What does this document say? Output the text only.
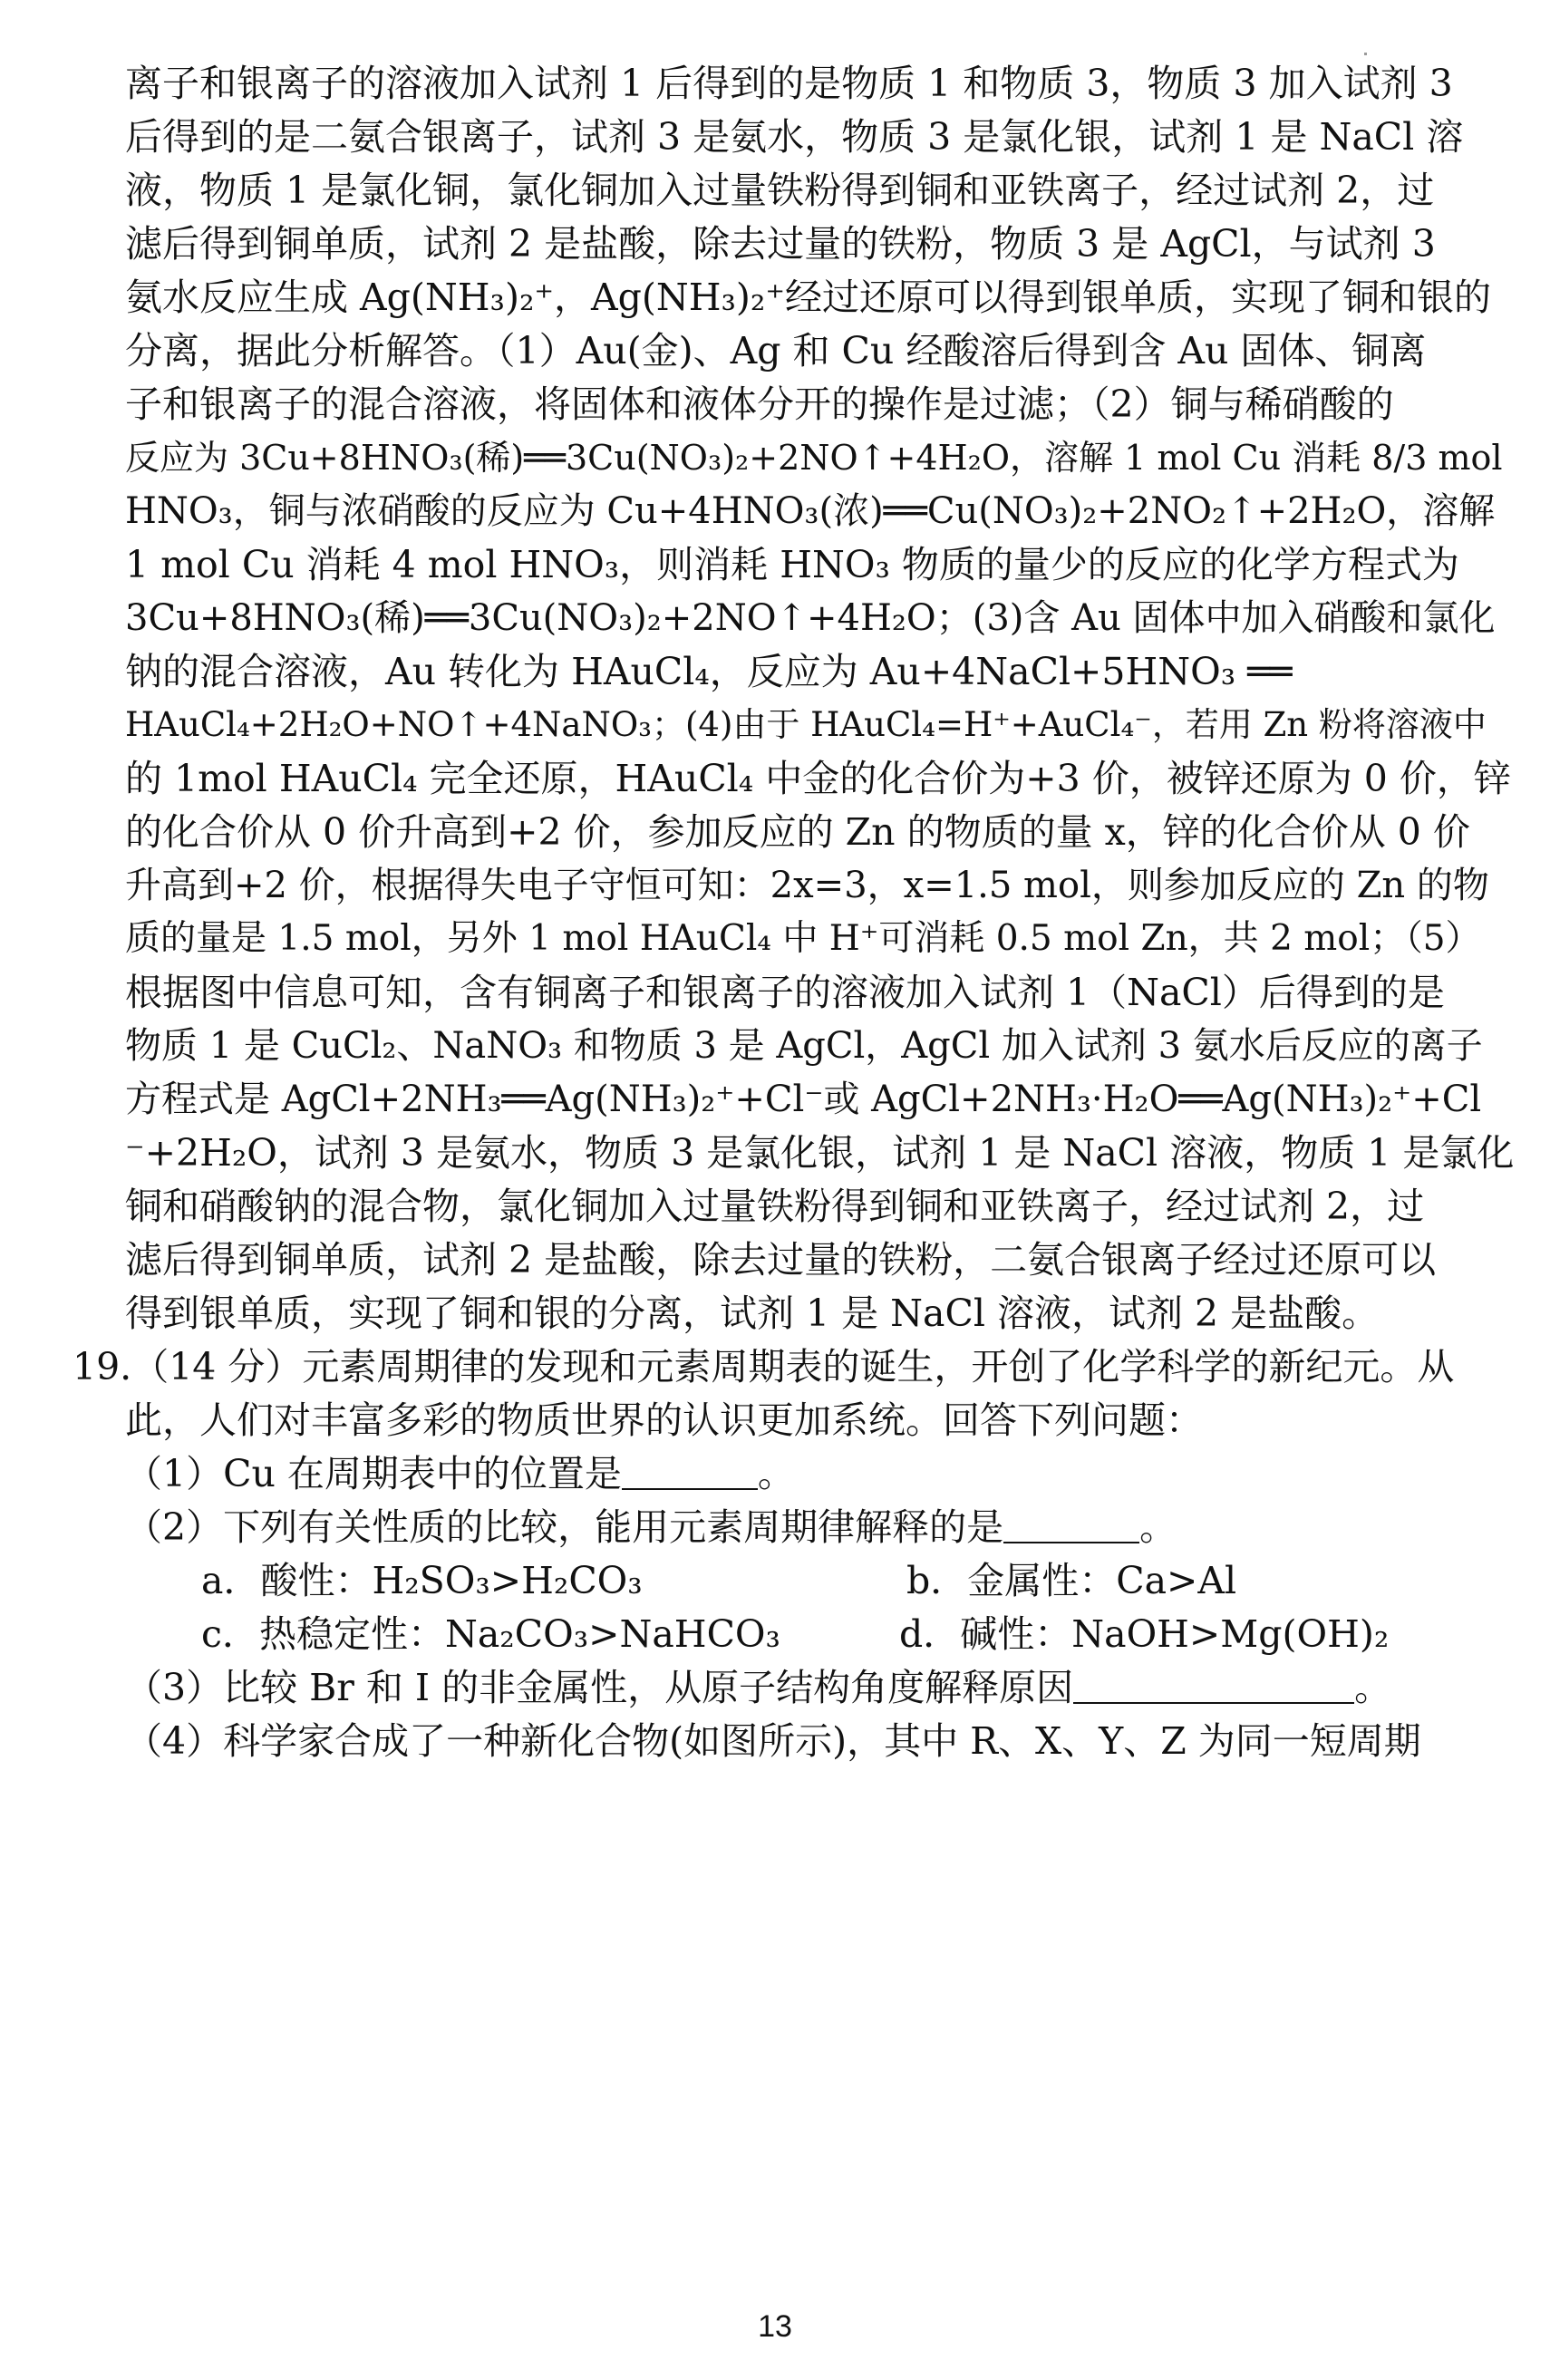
离子和银离子的溶液加入试剂 1 后得到的是物质 1 和物质 3，物质 3 加入试剂 3
后得到的是二氨合银离子，试剂 3 是氨水，物质 3 是氯化银，试剂 1 是 NaCl 溶
液，物质 1 是氯化铜，氯化铜加入过量铁粉得到铜和亚铁离子，经过试剂 2，过
滤后得到铜单质，试剂 2 是盐酸，除去过量的铁粉，物质 3 是 AgCl，与试剂 3
氨水反应生成 Ag(NH₃)₂⁺，Ag(NH₃)₂⁺经过还原可以得到银单质，实现了铜和银的
分离，据此分析解答。（1）Au(金)、Ag 和 Cu 经酸溶后得到含 Au 固体、铜离
子和银离子的混合溶液，将固体和液体分开的操作是过滤；（2）铜与稀硝酸的
反应为 3Cu+8HNO₃(稀)══3Cu(NO₃)₂+2NO↑+4H₂O，溶解 1 mol Cu 消耗 8/3 mol
HNO₃，铜与浓硝酸的反应为 Cu+4HNO₃(浓)══Cu(NO₃)₂+2NO₂↑+2H₂O，溶解
1 mol Cu 消耗 4 mol HNO₃，则消耗 HNO₃ 物质的量少的反应的化学方程式为
3Cu+8HNO₃(稀)══3Cu(NO₃)₂+2NO↑+4H₂O；(3)含 Au 固体中加入硝酸和氯化
钠的混合溶液，Au 转化为 HAuCl₄，反应为 Au+4NaCl+5HNO₃ ══
HAuCl₄+2H₂O+NO↑+4NaNO₃；(4)由于 HAuCl₄=H⁺+AuCl₄⁻，若用 Zn 粉将溶液中
的 1mol HAuCl₄ 完全还原，HAuCl₄ 中金的化合价为+3 价，被锌还原为 0 价，锌
的化合价从 0 价升高到+2 价，参加反应的 Zn 的物质的量 x，锌的化合价从 0 价
升高到+2 价，根据得失电子守恒可知：2x=3，x=1.5 mol，则参加反应的 Zn 的物
质的量是 1.5 mol，另外 1 mol HAuCl₄ 中 H⁺可消耗 0.5 mol Zn，共 2 mol；（5）
根据图中信息可知，含有铜离子和银离子的溶液加入试剂 1（NaCl）后得到的是
物质 1 是 CuCl₂、NaNO₃ 和物质 3 是 AgCl，AgCl 加入试剂 3 氨水后反应的离子
方程式是 AgCl+2NH₃══Ag(NH₃)₂⁺+Cl⁻或 AgCl+2NH₃·H₂O══Ag(NH₃)₂⁺+Cl
⁻+2H₂O，试剂 3 是氨水，物质 3 是氯化银，试剂 1 是 NaCl 溶液，物质 1 是氯化
铜和硝酸钠的混合物，氯化铜加入过量铁粉得到铜和亚铁离子，经过试剂 2，过
滤后得到铜单质，试剂 2 是盐酸，除去过量的铁粉，二氨合银离子经过还原可以
得到银单质，实现了铜和银的分离，试剂 1 是 NaCl 溶液，试剂 2 是盐酸。
19.（14 分）元素周期律的发现和元素周期表的诞生，开创了化学科学的新纪元。从
此，人们对丰富多彩的物质世界的认识更加系统。回答下列问题：
（1）Cu 在周期表中的位置是	。
（2）下列有关性质的比较，能用元素周期律解释的是	。
a．酸性：H₂SO₃>H₂CO₃	b．金属性：Ca>Al
c．热稳定性：Na₂CO₃>NaHCO₃	d．碱性：NaOH>Mg(OH)₂
（3）比较 Br 和 I 的非金属性，从原子结构角度解释原因	。
（4）科学家合成了一种新化合物(如图所示)，其中 R、X、Y、Z 为同一短周期
13
